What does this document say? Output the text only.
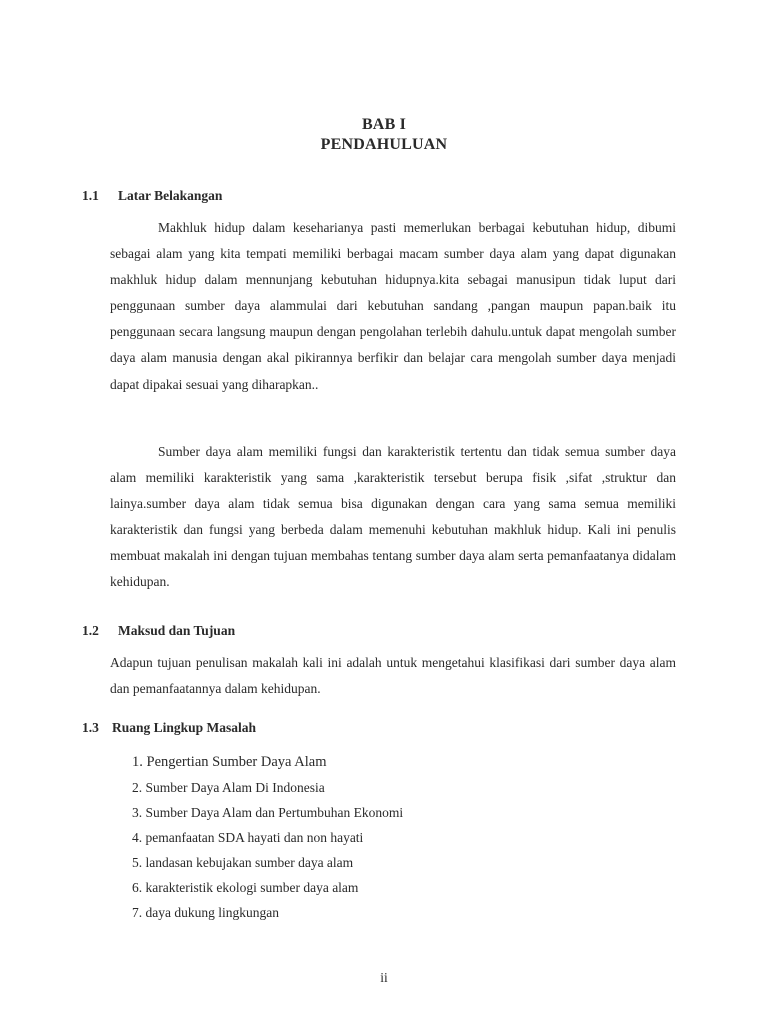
BAB I
PENDAHULUAN
1.1 Latar Belakangan

Makhluk hidup dalam keseharianya pasti memerlukan berbagai kebutuhan hidup, dibumi sebagai alam yang kita tempati memiliki berbagai macam sumber daya alam yang dapat digunakan makhluk hidup dalam mennunjang kebutuhan hidupnya.kita sebagai manusipun tidak luput dari penggunaan sumber daya alammulai dari kebutuhan sandang ,pangan maupun papan.baik itu penggunaan secara langsung maupun dengan pengolahan terlebih dahulu.untuk dapat mengolah sumber daya alam manusia dengan akal pikirannya berfikir dan belajar cara mengolah sumber daya menjadi dapat dipakai sesuai yang diharapkan..

Sumber daya alam memiliki fungsi dan karakteristik tertentu dan tidak semua sumber daya alam memiliki karakteristik yang sama ,karakteristik tersebut berupa fisik ,sifat ,struktur dan lainya.sumber daya alam tidak semua bisa digunakan dengan cara yang sama semua memiliki karakteristik dan fungsi yang berbeda dalam memenuhi kebutuhan makhluk hidup. Kali ini penulis membuat makalah ini dengan tujuan membahas tentang sumber daya alam serta pemanfaatanya didalam kehidupan.

1.2 Maksud dan Tujuan

Adapun tujuan penulisan makalah kali ini adalah untuk mengetahui klasifikasi dari sumber daya alam dan pemanfaatannya dalam kehidupan.

1.3 Ruang Lingkup Masalah
1. Pengertian Sumber Daya Alam
2. Sumber Daya Alam Di Indonesia
3. Sumber Daya Alam dan Pertumbuhan Ekonomi
4. pemanfaatan SDA hayati dan non hayati
5. landasan kebujakan sumber daya alam
6. karakteristik ekologi sumber daya alam
7. daya dukung lingkungan
ii
